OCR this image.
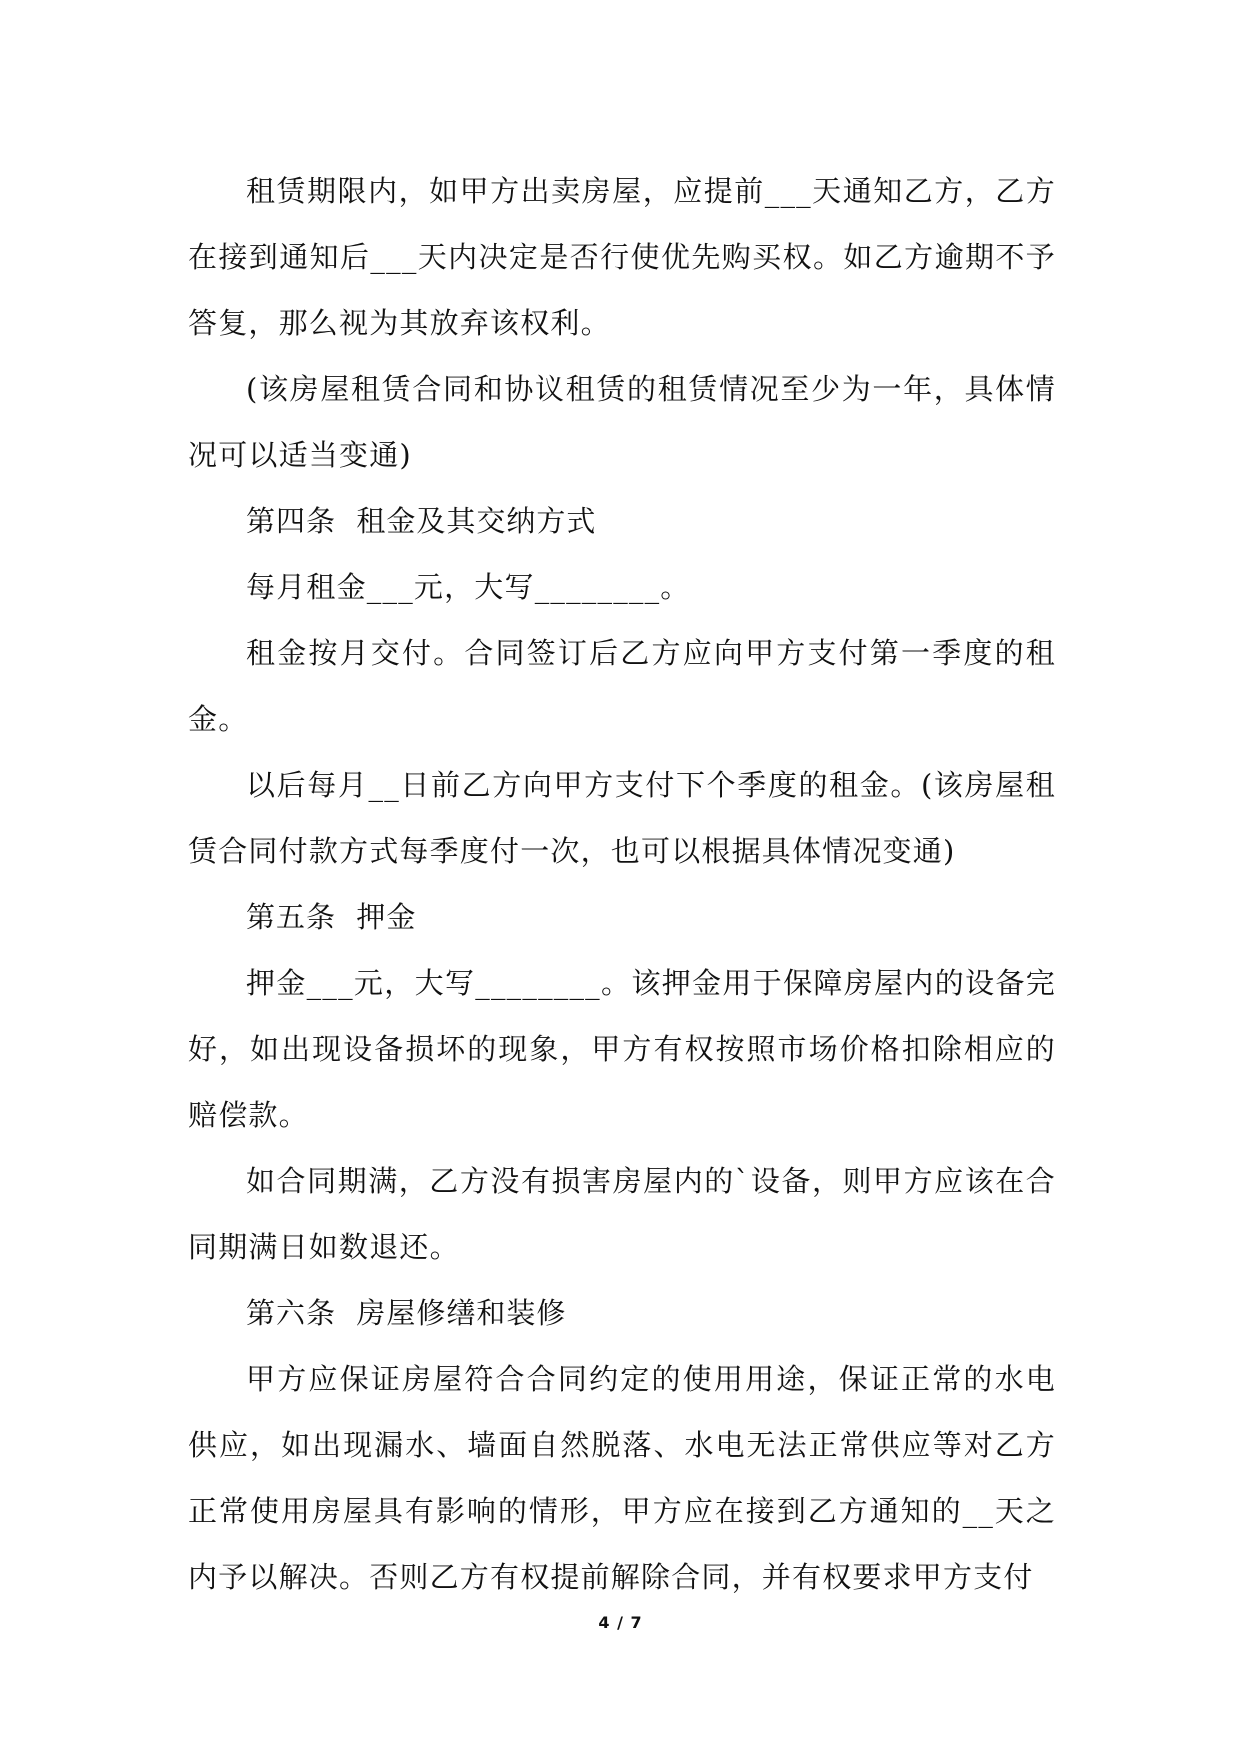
租赁期限内，如甲方出卖房屋，应提前___天通知乙方，乙方在接到通知后___天内决定是否行使优先购买权。如乙方逾期不予答复，那么视为其放弃该权利。

(该房屋租赁合同和协议租赁的租赁情况至少为一年，具体情况可以适当变通)

第四条  租金及其交纳方式

每月租金___元，大写________。

租金按月交付。合同签订后乙方应向甲方支付第一季度的租金。

以后每月__日前乙方向甲方支付下个季度的租金。(该房屋租赁合同付款方式每季度付一次，也可以根据具体情况变通)

第五条  押金

押金___元，大写________。该押金用于保障房屋内的设备完好，如出现设备损坏的现象，甲方有权按照市场价格扣除相应的赔偿款。

如合同期满，乙方没有损害房屋内的`设备，则甲方应该在合同期满日如数退还。

第六条  房屋修缮和装修

甲方应保证房屋符合合同约定的使用用途，保证正常的水电供应，如出现漏水、墙面自然脱落、水电无法正常供应等对乙方正常使用房屋具有影响的情形，甲方应在接到乙方通知的__天之内予以解决。否则乙方有权提前解除合同，并有权要求甲方支付

4 / 7
